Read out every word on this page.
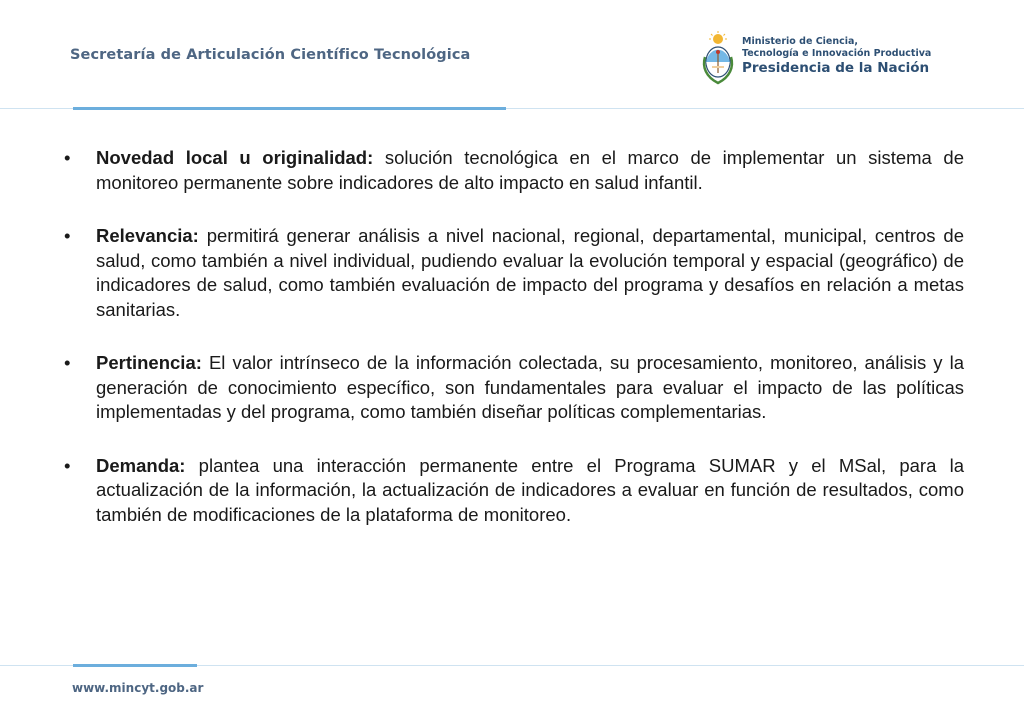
Secretaría de Articulación Científico Tecnológica
Ministerio de Ciencia,
Tecnología e Innovación Productiva
Presidencia de la Nación
• Novedad local u originalidad: solución tecnológica en el marco de implementar un sistema de monitoreo permanente sobre indicadores de alto impacto en salud infantil.
• Relevancia: permitirá generar análisis a nivel nacional, regional, departamental, municipal, centros de salud, como también a nivel individual, pudiendo evaluar la evolución temporal y espacial (geográfico) de indicadores de salud, como también evaluación de impacto del programa y desafíos en relación a metas sanitarias.
• Pertinencia: El valor intrínseco de la información colectada, su procesamiento, monitoreo, análisis y la generación de conocimiento específico, son fundamentales para evaluar el impacto de las políticas implementadas y del programa, como también diseñar políticas complementarias.
• Demanda: plantea una interacción permanente entre el Programa SUMAR y el MSal, para la actualización de la información, la actualización de indicadores a evaluar en función de resultados, como también de modificaciones de la plataforma de monitoreo.
www.mincyt.gob.ar
